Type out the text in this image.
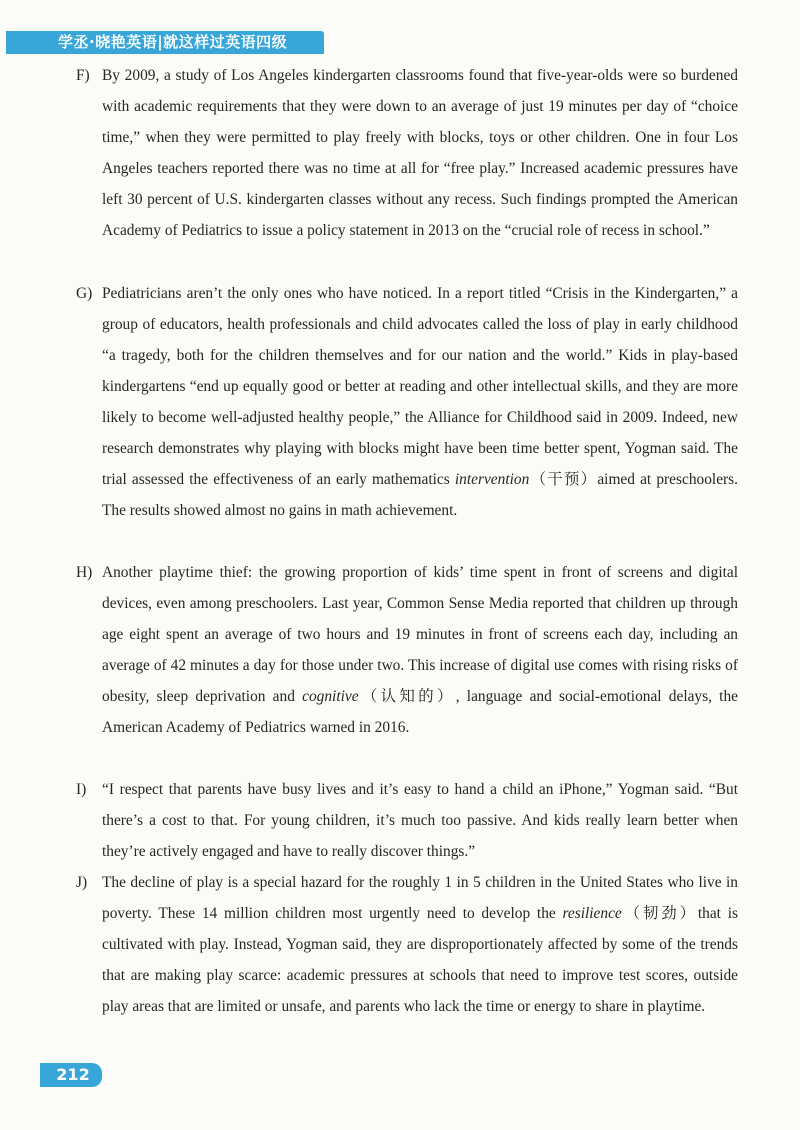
学丞·晓艳英语|就这样过英语四级

F) By 2009, a study of Los Angeles kindergarten classrooms found that five-year-olds were so burdened with academic requirements that they were down to an average of just 19 minutes per day of “choice time,” when they were permitted to play freely with blocks, toys or other children. One in four Los Angeles teachers reported there was no time at all for “free play.” Increased academic pressures have left 30 percent of U.S. kindergarten classes without any recess. Such findings prompted the American Academy of Pediatrics to issue a policy statement in 2013 on the “crucial role of recess in school.”

G) Pediatricians aren’t the only ones who have noticed. In a report titled “Crisis in the Kindergarten,” a group of educators, health professionals and child advocates called the loss of play in early childhood “a tragedy, both for the children themselves and for our nation and the world.” Kids in play-based kindergartens “end up equally good or better at reading and other intellectual skills, and they are more likely to become well-adjusted healthy people,” the Alliance for Childhood said in 2009. Indeed, new research demonstrates why playing with blocks might have been time better spent, Yogman said. The trial assessed the effectiveness of an early mathematics intervention（干预）aimed at preschoolers. The results showed almost no gains in math achievement.

H) Another playtime thief: the growing proportion of kids’ time spent in front of screens and digital devices, even among preschoolers. Last year, Common Sense Media reported that children up through age eight spent an average of two hours and 19 minutes in front of screens each day, including an average of 42 minutes a day for those under two. This increase of digital use comes with rising risks of obesity, sleep deprivation and cognitive（认知的）, language and social-emotional delays, the American Academy of Pediatrics warned in 2016.

I) “I respect that parents have busy lives and it’s easy to hand a child an iPhone,” Yogman said. “But there’s a cost to that. For young children, it’s much too passive. And kids really learn better when they’re actively engaged and have to really discover things.”

J) The decline of play is a special hazard for the roughly 1 in 5 children in the United States who live in poverty. These 14 million children most urgently need to develop the resilience（韧劲）that is cultivated with play. Instead, Yogman said, they are disproportionately affected by some of the trends that are making play scarce: academic pressures at schools that need to improve test scores, outside play areas that are limited or unsafe, and parents who lack the time or energy to share in playtime.

212
